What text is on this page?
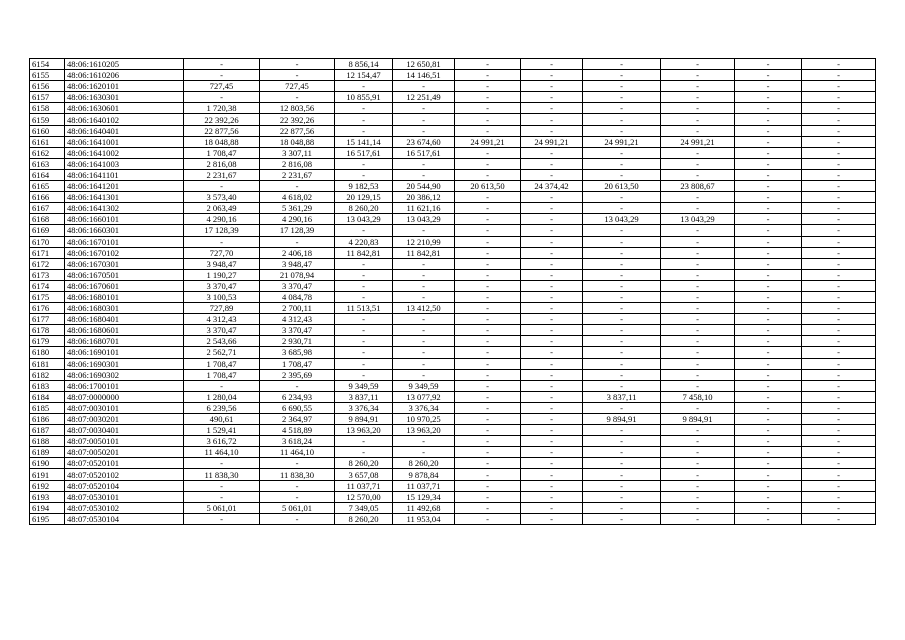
6154	48:06:1610205	-	-	8 856,14	12 650,81	-	-	-	-	-	-
6155	48:06:1610206	-	-	12 154,47	14 146,51	-	-	-	-	-	-
6156	48:06:1620101	727,45	727,45	-	-	-	-	-	-	-	-
6157	48:06:1630301	-	-	10 855,91	12 251,49	-	-	-	-	-	-
6158	48:06:1630601	1 720,38	12 803,56	-	-	-	-	-	-	-	-
6159	48:06:1640102	22 392,26	22 392,26	-	-	-	-	-	-	-	-
6160	48:06:1640401	22 877,56	22 877,56	-	-	-	-	-	-	-	-
6161	48:06:1641001	18 048,88	18 048,88	15 141,14	23 674,60	24 991,21	24 991,21	24 991,21	24 991,21	-	-
6162	48:06:1641002	1 708,47	3 307,11	16 517,61	16 517,61	-	-	-	-	-	-
6163	48:06:1641003	2 816,08	2 816,08	-	-	-	-	-	-	-	-
6164	48:06:1641101	2 231,67	2 231,67	-	-	-	-	-	-	-	-
6165	48:06:1641201	-	-	9 182,53	20 544,90	20 613,50	24 374,42	20 613,50	23 808,67	-	-
6166	48:06:1641301	3 573,40	4 618,02	20 129,15	20 386,12	-	-	-	-	-	-
6167	48:06:1641302	2 063,49	5 361,29	8 260,20	11 621,16	-	-	-	-	-	-
6168	48:06:1660101	4 290,16	4 290,16	13 043,29	13 043,29	-	-	13 043,29	13 043,29	-	-
6169	48:06:1660301	17 128,39	17 128,39	-	-	-	-	-	-	-	-
6170	48:06:1670101	-	-	4 220,83	12 210,99	-	-	-	-	-	-
6171	48:06:1670102	727,70	2 406,18	11 842,81	11 842,81	-	-	-	-	-	-
6172	48:06:1670301	3 948,47	3 948,47	-	-	-	-	-	-	-	-
6173	48:06:1670501	1 190,27	21 078,94	-	-	-	-	-	-	-	-
6174	48:06:1670601	3 370,47	3 370,47	-	-	-	-	-	-	-	-
6175	48:06:1680101	3 100,53	4 084,78	-	-	-	-	-	-	-	-
6176	48:06:1680301	727,89	2 700,11	11 513,51	13 412,50	-	-	-	-	-	-
6177	48:06:1680401	4 312,43	4 312,43	-	-	-	-	-	-	-	-
6178	48:06:1680601	3 370,47	3 370,47	-	-	-	-	-	-	-	-
6179	48:06:1680701	2 543,66	2 930,71	-	-	-	-	-	-	-	-
6180	48:06:1690101	2 562,71	3 685,98	-	-	-	-	-	-	-	-
6181	48:06:1690301	1 708,47	1 708,47	-	-	-	-	-	-	-	-
6182	48:06:1690302	1 708,47	2 395,69	-	-	-	-	-	-	-	-
6183	48:06:1700101	-	-	9 349,59	9 349,59	-	-	-	-	-	-
6184	48:07:0000000	1 280,04	6 234,93	3 837,11	13 077,92	-	-	3 837,11	7 458,10	-	-
6185	48:07:0030101	6 239,56	6 690,55	3 376,34	3 376,34	-	-	-	-	-	-
6186	48:07:0030201	490,61	2 364,97	9 894,91	10 970,25	-	-	9 894,91	9 894,91	-	-
6187	48:07:0030401	1 529,41	4 518,89	13 963,20	13 963,20	-	-	-	-	-	-
6188	48:07:0050101	3 616,72	3 618,24	-	-	-	-	-	-	-	-
6189	48:07:0050201	11 464,10	11 464,10	-	-	-	-	-	-	-	-
6190	48:07:0520101	-	-	8 260,20	8 260,20	-	-	-	-	-	-
6191	48:07:0520102	11 838,30	11 838,30	3 657,08	9 878,84	-	-	-	-	-	-
6192	48:07:0520104	-	-	11 037,71	11 037,71	-	-	-	-	-	-
6193	48:07:0530101	-	-	12 570,00	15 129,34	-	-	-	-	-	-
6194	48:07:0530102	5 061,01	5 061,01	7 349,05	11 492,68	-	-	-	-	-	-
6195	48:07:0530104	-	-	8 260,20	11 953,04	-	-	-	-	-	-
